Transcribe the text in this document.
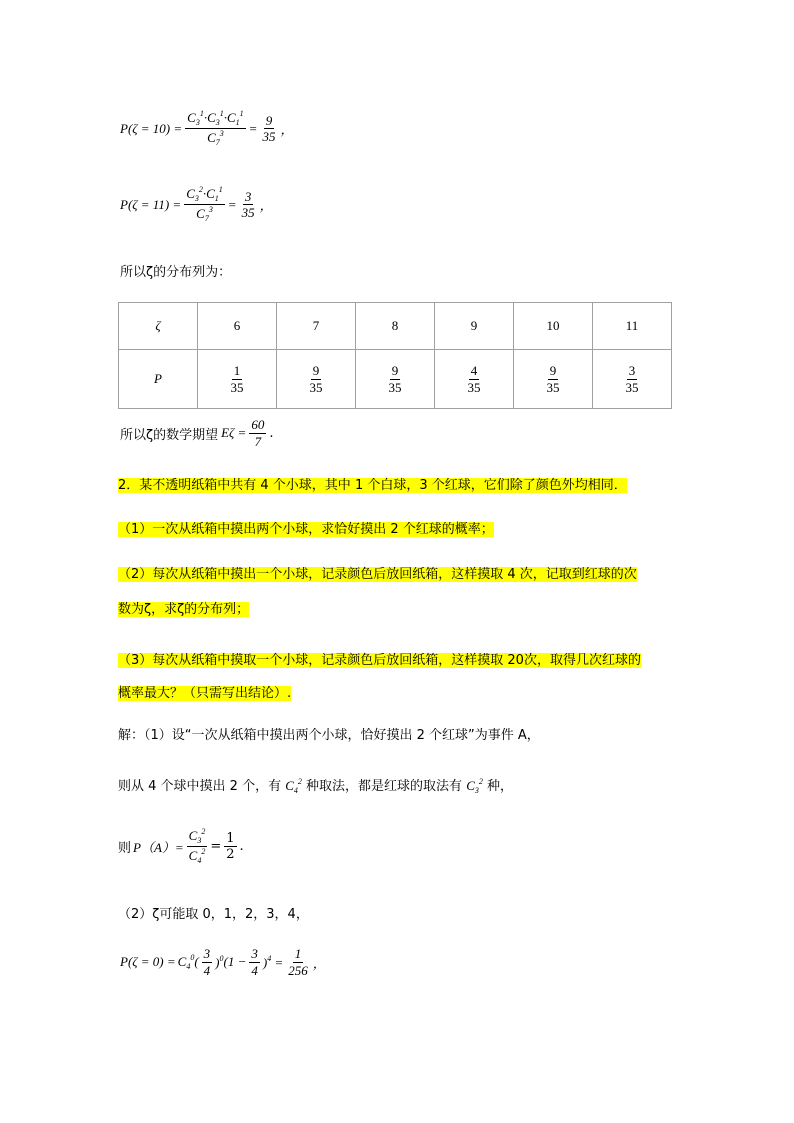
$P(\zeta = 10) = \frac{C_3^1\cdot C_3^1\cdot C_1^1}{C_7^3} = \frac{9}{35}$ ，
$P(\zeta = 11) = \frac{C_3^2\cdot C_1^1}{C_7^3} = \frac{3}{35}$ ，
所以ζ的分布列为：
ζ	6	7	8	9	10	11
P	$\frac{1}{35}$	$\frac{9}{35}$	$\frac{9}{35}$	$\frac{4}{35}$	$\frac{9}{35}$	$\frac{3}{35}$
所以ζ的数学期望 $E\zeta = \frac{60}{7}$ .
2．某不透明纸箱中共有 4 个小球，其中 1 个白球，3 个红球，它们除了颜色外均相同．
（1）一次从纸箱中摸出两个小球，求恰好摸出 2 个红球的概率；
（2）每次从纸箱中摸出一个小球，记录颜色后放回纸箱，这样摸取 4 次，记取到红球的次
数为ζ，求ζ的分布列；
（3）每次从纸箱中摸取一个小球，记录颜色后放回纸箱，这样摸取 20次，取得几次红球的
概率最大？（只需写出结论）.
解：（1）设“一次从纸箱中摸出两个小球，恰好摸出 2 个红球”为事件 A，
则从 4 个球中摸出 2 个，有 $C_4^2$ 种取法，都是红球的取法有 $C_3^2$ 种，
则 $P(A)= \frac{C_3^2}{C_4^2} = \frac{1}{2}$ .
（2）ζ可能取 0，1，2，3，4，
$P(\zeta = 0) = C_4^0( \frac{3}{4} )^0$ $(1 - \frac{3}{4} )^4 = \frac{1}{256}$ ，
